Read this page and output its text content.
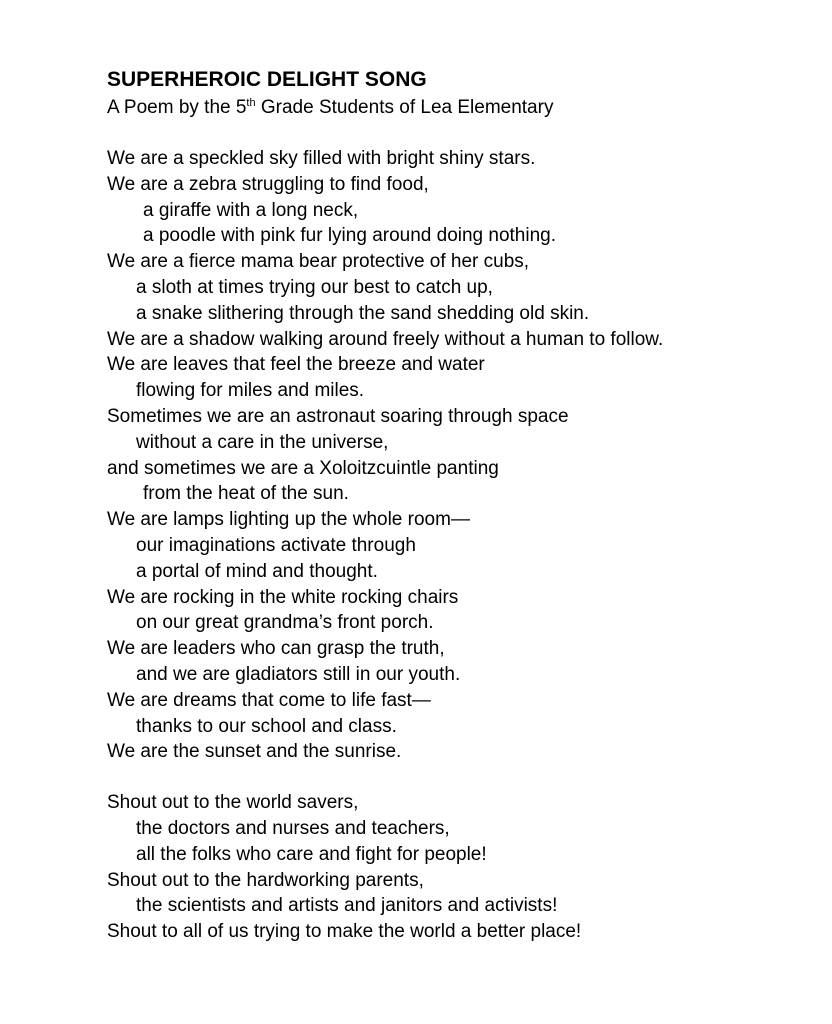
SUPERHEROIC DELIGHT SONG

A Poem by the 5th Grade Students of Lea Elementary

We are a speckled sky filled with bright shiny stars.
We are a zebra struggling to find food,
a giraffe with a long neck,
a poodle with pink fur lying around doing nothing.
We are a fierce mama bear protective of her cubs,
a sloth at times trying our best to catch up,
a snake slithering through the sand shedding old skin.
We are a shadow walking around freely without a human to follow.
We are leaves that feel the breeze and water
flowing for miles and miles.
Sometimes we are an astronaut soaring through space
without a care in the universe,
and sometimes we are a Xoloitzcuintle panting
from the heat of the sun.
We are lamps lighting up the whole room—
our imaginations activate through
a portal of mind and thought.
We are rocking in the white rocking chairs
on our great grandma’s front porch.
We are leaders who can grasp the truth,
and we are gladiators still in our youth.
We are dreams that come to life fast—
thanks to our school and class.
We are the sunset and the sunrise.
Shout out to the world savers,
the doctors and nurses and teachers,
all the folks who care and fight for people!
Shout out to the hardworking parents,
the scientists and artists and janitors and activists!
Shout to all of us trying to make the world a better place!
